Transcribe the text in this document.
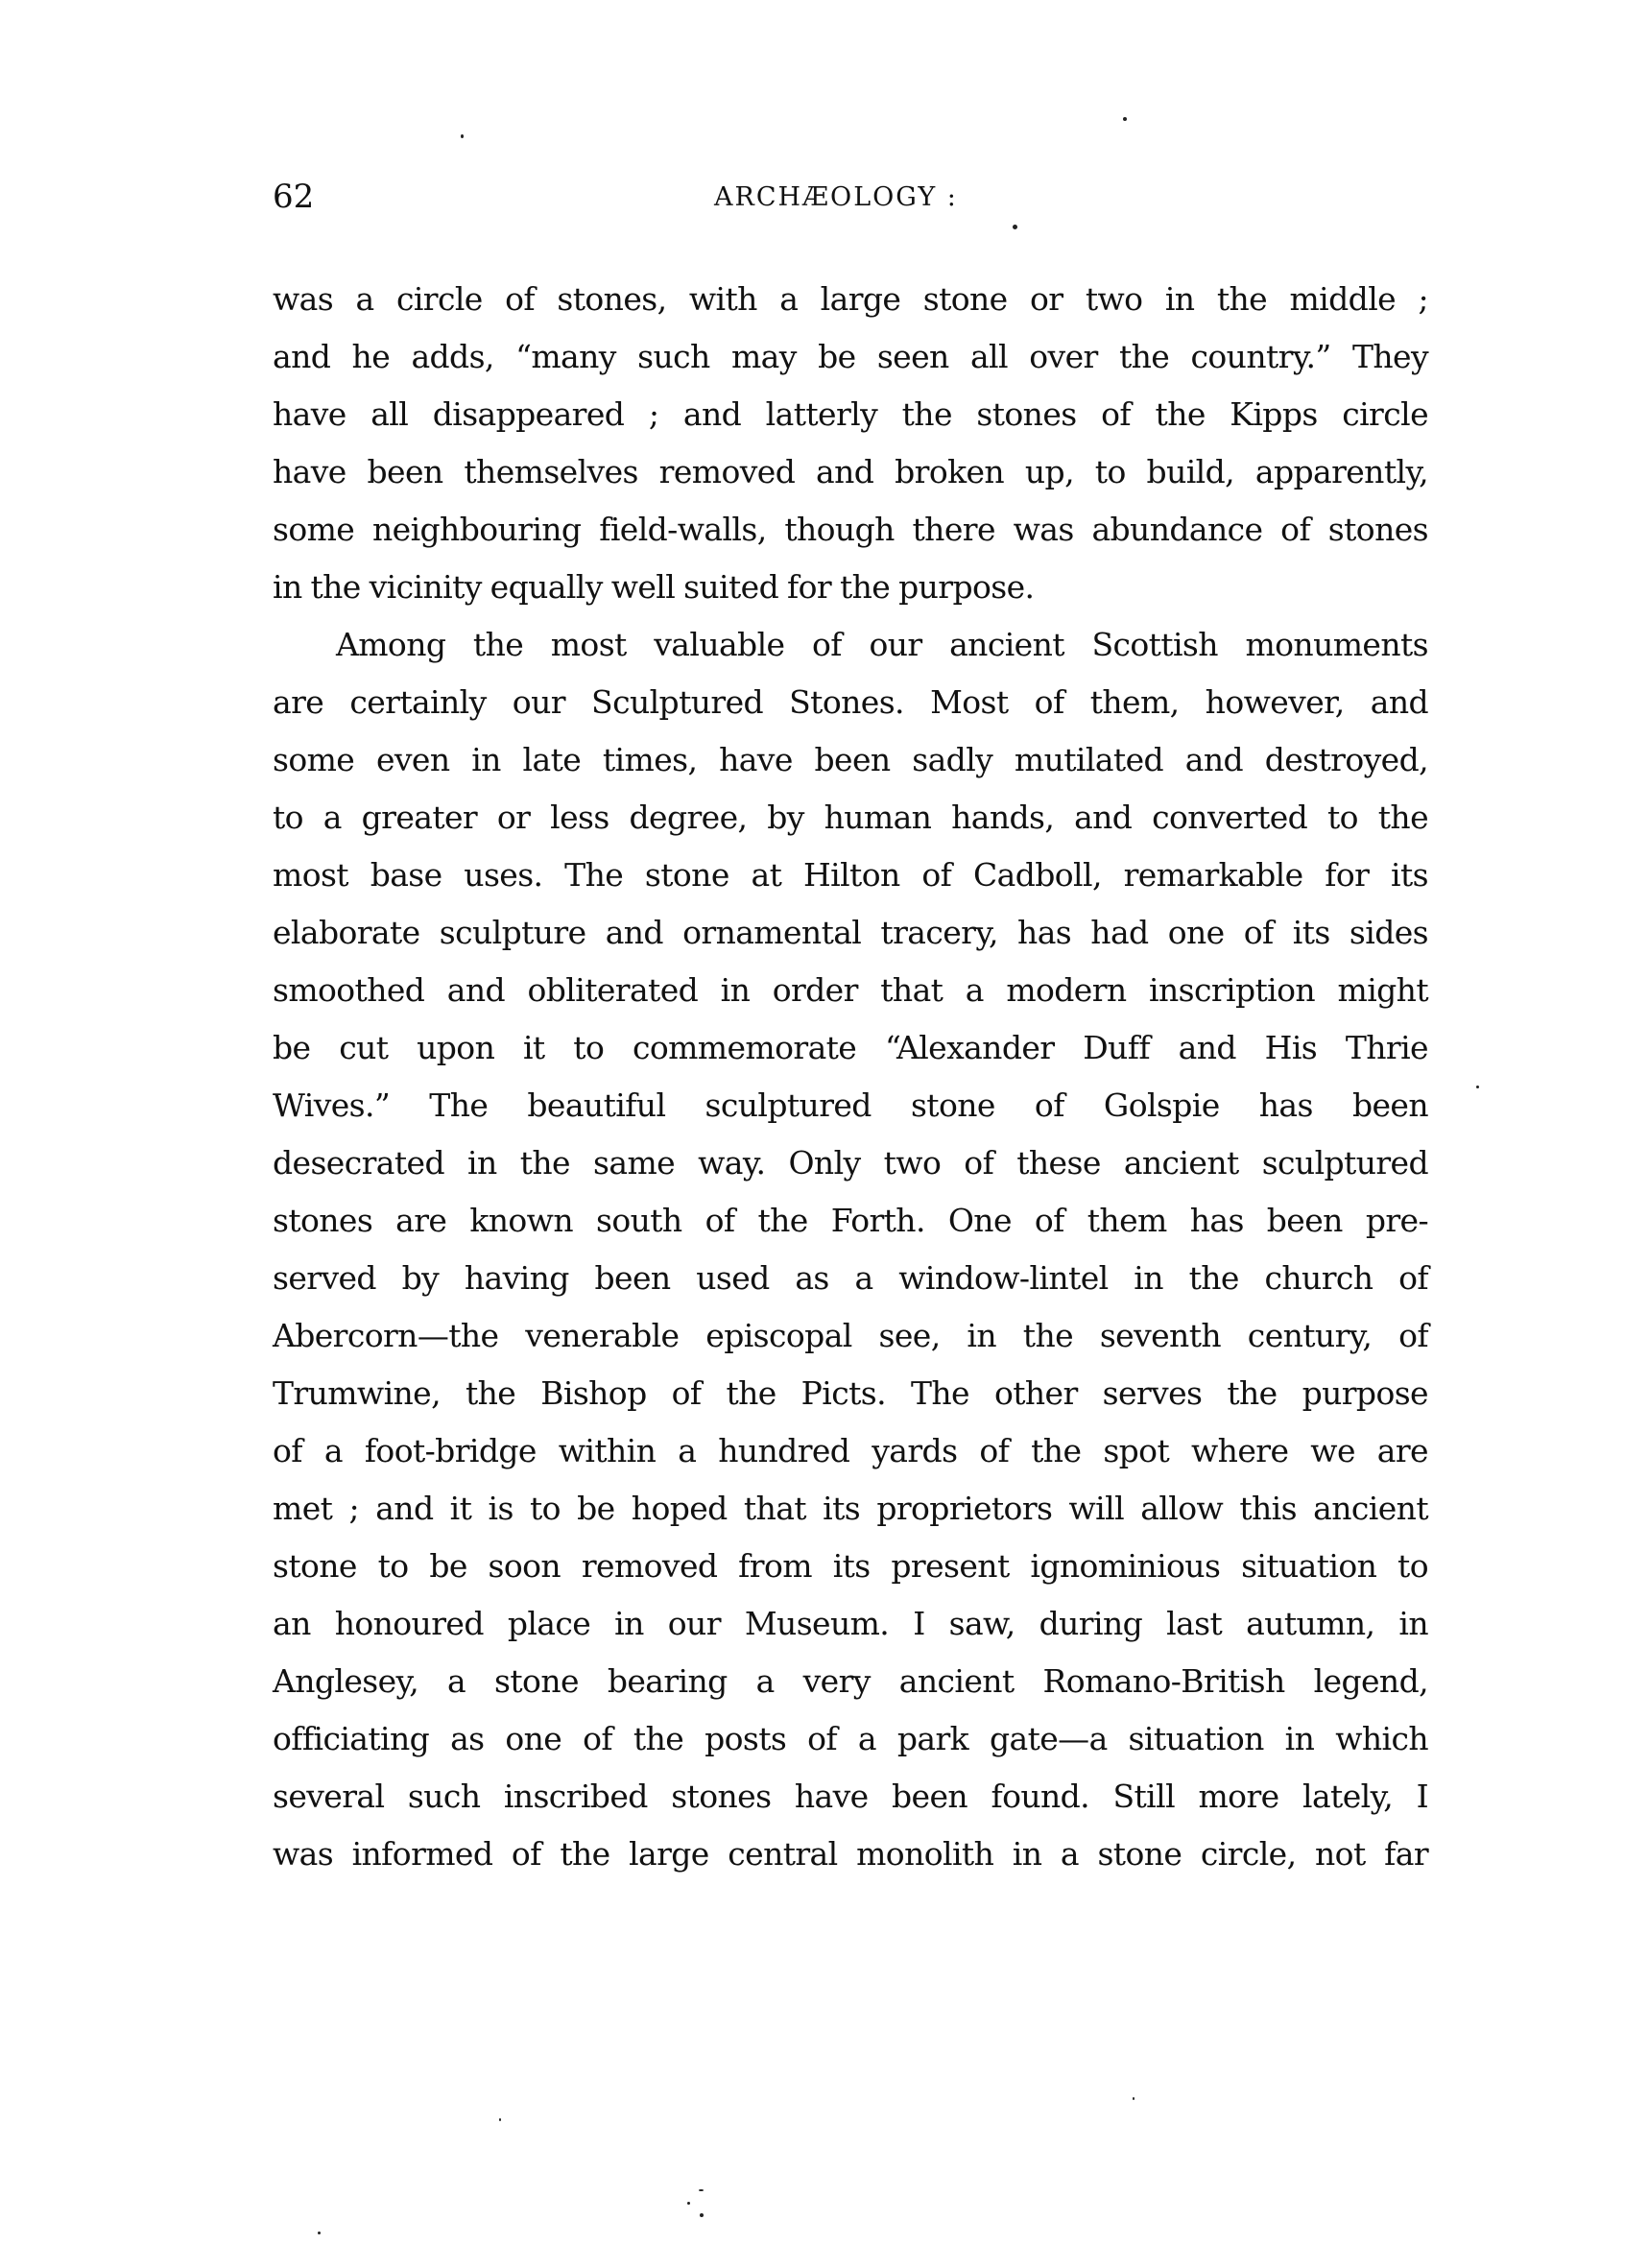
62	ARCHÆOLOGY :
was a circle of stones, with a large stone or two in the middle ;
and he adds, “many such may be seen all over the country.” They
have all disappeared ; and latterly the stones of the Kipps circle
have been themselves removed and broken up, to build, apparently,
some neighbouring field-walls, though there was abundance of stones
in the vicinity equally well suited for the purpose.
Among the most valuable of our ancient Scottish monuments
are certainly our Sculptured Stones. Most of them, however, and
some even in late times, have been sadly mutilated and destroyed,
to a greater or less degree, by human hands, and converted to the
most base uses. The stone at Hilton of Cadboll, remarkable for its
elaborate sculpture and ornamental tracery, has had one of its sides
smoothed and obliterated in order that a modern inscription might
be cut upon it to commemorate “Alexander Duff and His Thrie
Wives.” The beautiful sculptured stone of Golspie has been
desecrated in the same way. Only two of these ancient sculptured
stones are known south of the Forth. One of them has been pre-
served by having been used as a window-lintel in the church of
Abercorn—the venerable episcopal see, in the seventh century, of
Trumwine, the Bishop of the Picts. The other serves the purpose
of a foot-bridge within a hundred yards of the spot where we are
met ; and it is to be hoped that its proprietors will allow this ancient
stone to be soon removed from its present ignominious situation to
an honoured place in our Museum. I saw, during last autumn, in
Anglesey, a stone bearing a very ancient Romano-British legend,
officiating as one of the posts of a park gate—a situation in which
several such inscribed stones have been found. Still more lately, I
was informed of the large central monolith in a stone circle, not far
